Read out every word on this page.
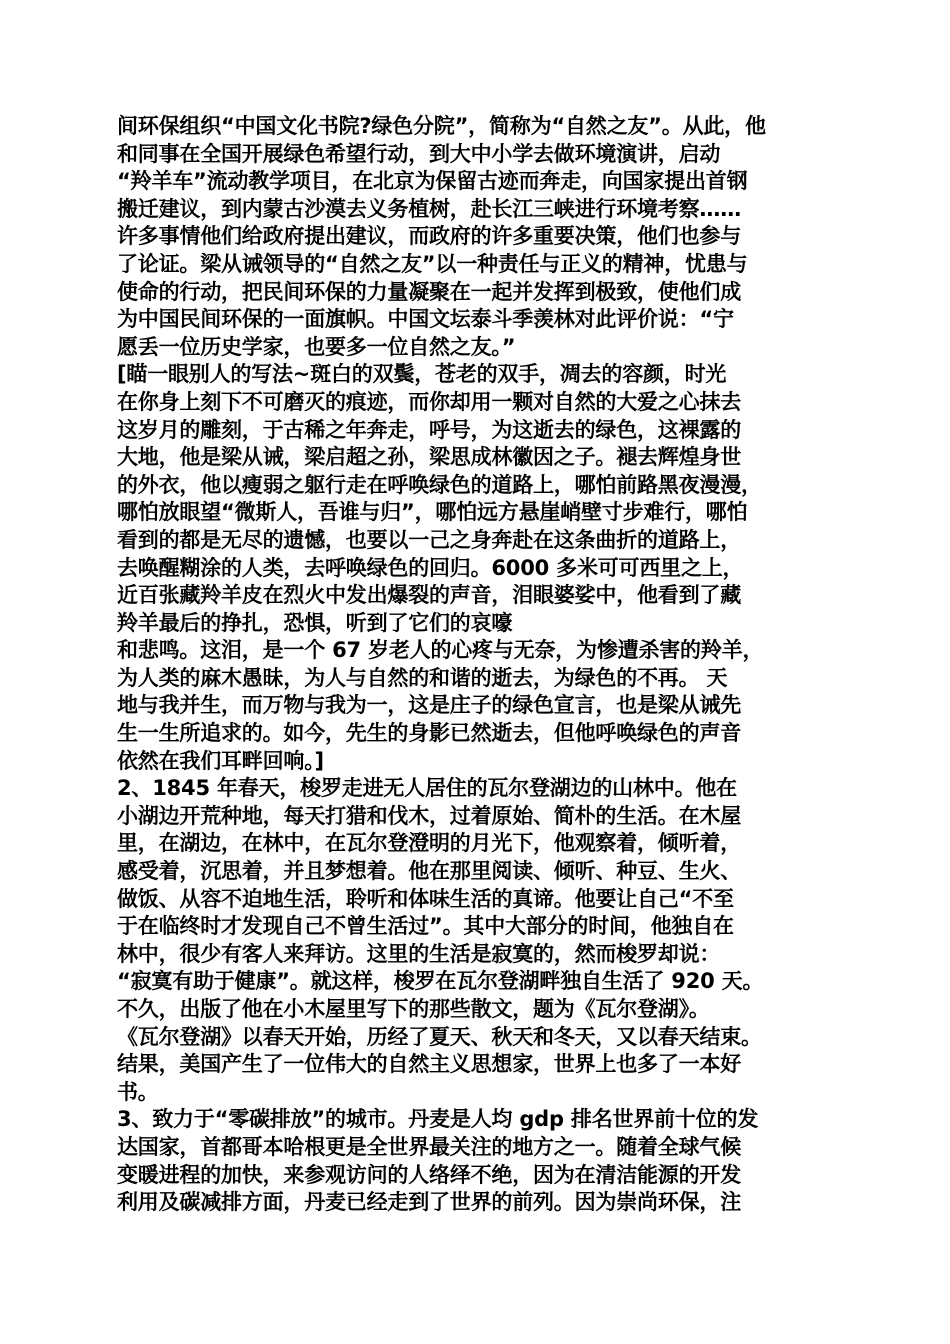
间环保组织“中国文化书院?绿色分院”，简称为“自然之友”。从此，他
和同事在全国开展绿色希望行动，到大中小学去做环境演讲，启动
“羚羊车”流动教学项目，在北京为保留古迹而奔走，向国家提出首钢
搬迁建议，到内蒙古沙漠去义务植树，赴长江三峡进行环境考察……
许多事情他们给政府提出建议，而政府的许多重要决策，他们也参与
了论证。梁从诫领导的“自然之友”以一种责任与正义的精神，忧患与
使命的行动，把民间环保的力量凝聚在一起并发挥到极致，使他们成
为中国民间环保的一面旗帜。中国文坛泰斗季羡林对此评价说：“宁
愿丢一位历史学家，也要多一位自然之友。”
[瞄一眼别人的写法~斑白的双鬓，苍老的双手，凋去的容颜，时光
在你身上刻下不可磨灭的痕迹，而你却用一颗对自然的大爱之心抹去
这岁月的雕刻，于古稀之年奔走，呼号，为这逝去的绿色，这裸露的
大地，他是梁从诫，梁启超之孙，梁思成林徽因之子。褪去辉煌身世
的外衣，他以瘦弱之躯行走在呼唤绿色的道路上，哪怕前路黑夜漫漫，
哪怕放眼望“微斯人，吾谁与归”，哪怕远方悬崖峭壁寸步难行，哪怕
看到的都是无尽的遗憾，也要以一己之身奔赴在这条曲折的道路上，
去唤醒糊涂的人类，去呼唤绿色的回归。6000 多米可可西里之上，
近百张藏羚羊皮在烈火中发出爆裂的声音，泪眼婆娑中，他看到了藏
羚羊最后的挣扎，恐惧，听到了它们的哀嚎
和悲鸣。这泪，是一个 67 岁老人的心疼与无奈，为惨遭杀害的羚羊，
为人类的麻木愚昧，为人与自然的和谐的逝去，为绿色的不再。 天
地与我并生，而万物与我为一，这是庄子的绿色宣言，也是梁从诫先
生一生所追求的。如今，先生的身影已然逝去，但他呼唤绿色的声音
依然在我们耳畔回响。]
2、1845 年春天，梭罗走进无人居住的瓦尔登湖边的山林中。他在
小湖边开荒种地，每天打猎和伐木，过着原始、简朴的生活。在木屋
里，在湖边，在林中，在瓦尔登澄明的月光下，他观察着，倾听着，
感受着，沉思着，并且梦想着。他在那里阅读、倾听、种豆、生火、
做饭、从容不迫地生活，聆听和体味生活的真谛。他要让自己“不至
于在临终时才发现自己不曾生活过”。其中大部分的时间，他独自在
林中，很少有客人来拜访。这里的生活是寂寞的，然而梭罗却说：
“寂寞有助于健康”。就这样，梭罗在瓦尔登湖畔独自生活了 920 天。
不久，出版了他在小木屋里写下的那些散文，题为《瓦尔登湖》。
《瓦尔登湖》以春天开始，历经了夏天、秋天和冬天，又以春天结束。
结果，美国产生了一位伟大的自然主义思想家，世界上也多了一本好
书。
3、致力于“零碳排放”的城市。丹麦是人均 gdp 排名世界前十位的发
达国家，首都哥本哈根更是全世界最关注的地方之一。随着全球气候
变暖进程的加快，来参观访问的人络绎不绝，因为在清洁能源的开发
利用及碳减排方面，丹麦已经走到了世界的前列。因为崇尚环保，注
